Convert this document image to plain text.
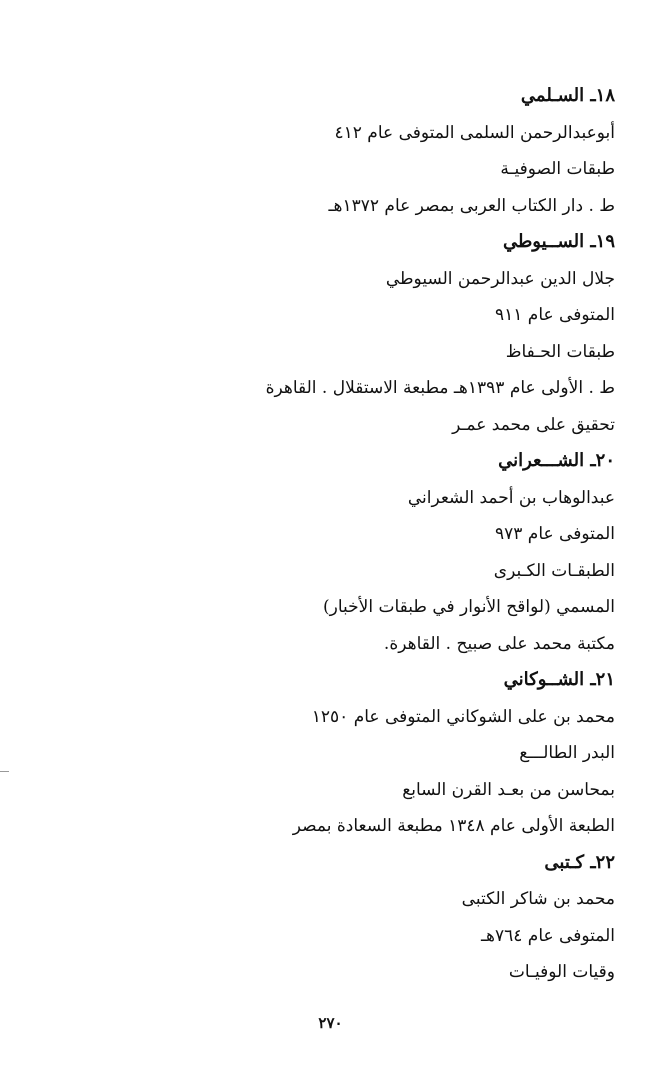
١٨ـ السـلمي
أبوعبدالرحمن السلمى المتوفى عام ٤١٢
طبقات الصوفيـة
ط . دار الكتاب العربى بمصر عام ١٣٧٢هـ
١٩ـ الســيوطي
جلال الدين عبدالرحمن السيوطي
المتوفى عام ٩١١
طبقات الحـفاظ
ط . الأولى عام ١٣٩٣هـ مطبعة الاستقلال . القاهرة
تحقيق على محمد عمـر
٢٠ـ الشـــعراني
عبدالوهاب بن أحمد الشعراني
المتوفى عام ٩٧٣
الطبقـات الكـبرى
المسمي (لواقح الأنوار في طبقات الأخبار)
مكتبة محمد على صبيح . القاهرة.
٢١ـ الشــوكاني
محمد بن على الشوكاني المتوفى عام ١٢٥٠
البدر الطالـــع
بمحاسن من بعـد القرن السابع
الطبعة الأولى عام ١٣٤٨ مطبعة السعادة بمصر
٢٢ـ كـتبى
محمد بن شاكر الكتبى
المتوفى عام ٧٦٤هـ
وقيات الوفيـات
٢٧٠
